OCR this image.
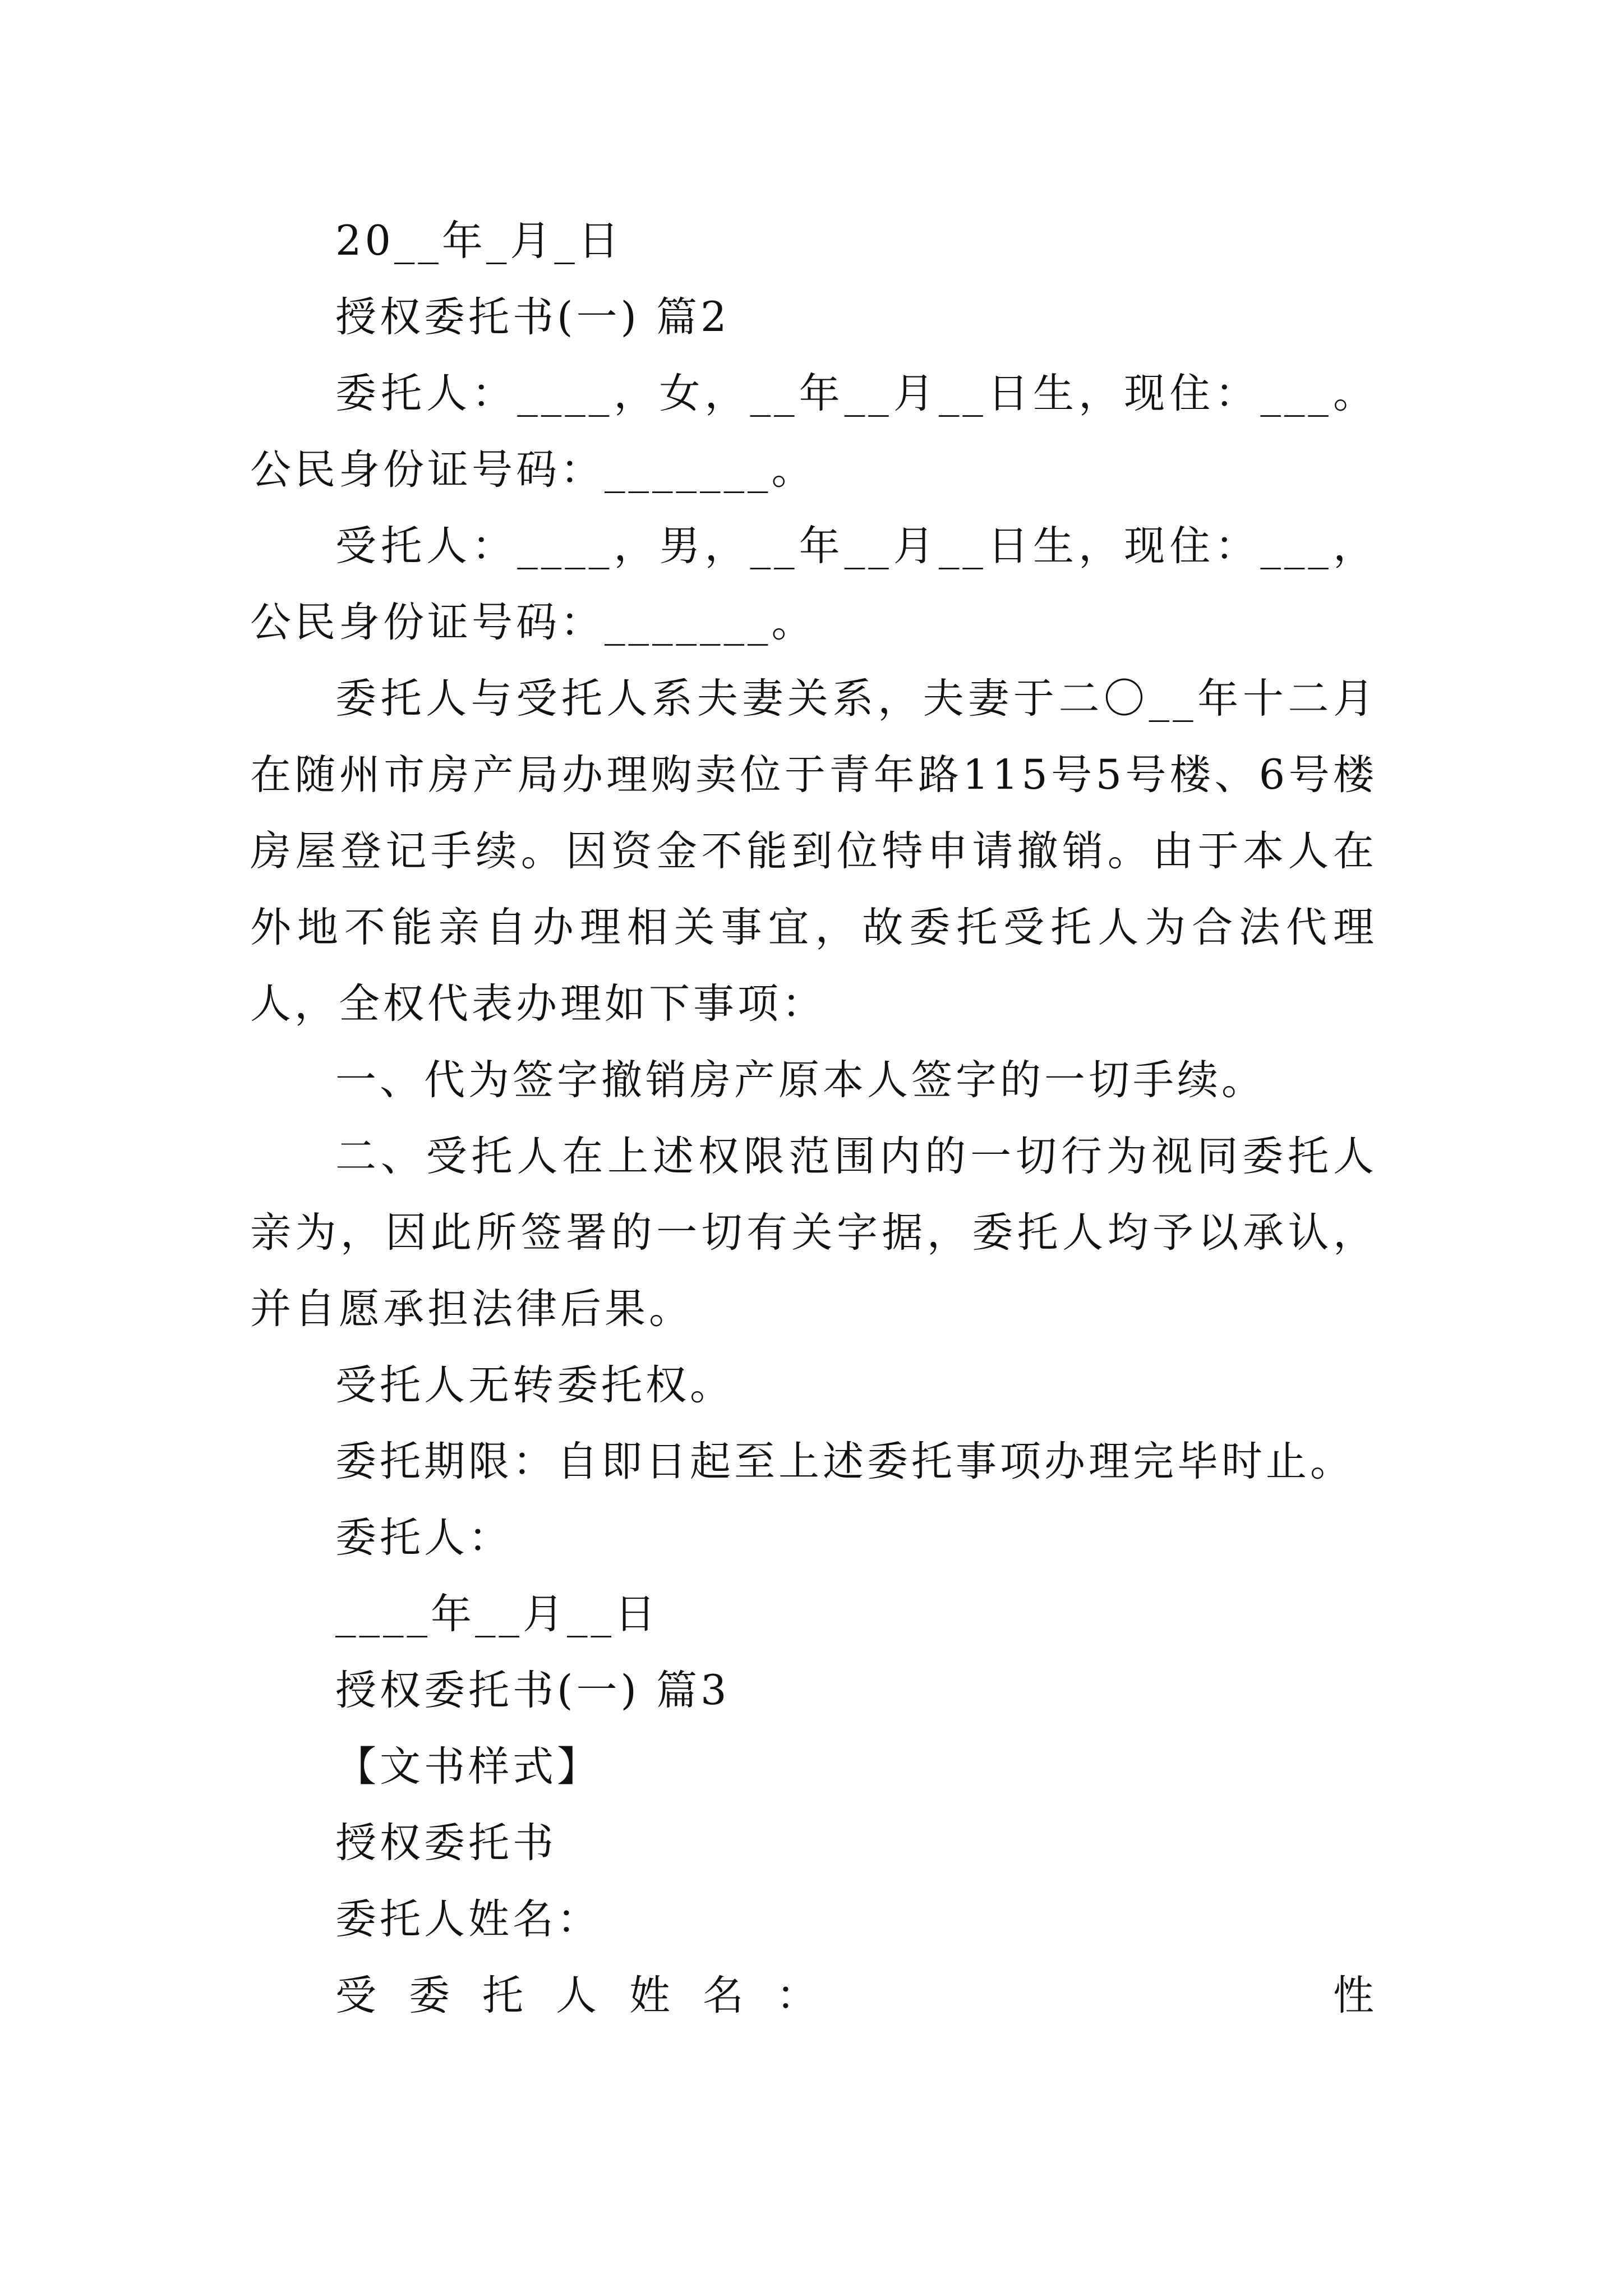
20__年_月_日

授权委托书(一) 篇2

委托人：____，女，__年__月__日生，现住：___。公民身份证号码：_______。

受托人：____，男，__年__月__日生，现住：___，公民身份证号码：_______。

委托人与受托人系夫妻关系，夫妻于二〇__年十二月在随州市房产局办理购卖位于青年路115号5号楼、6号楼房屋登记手续。因资金不能到位特申请撤销。由于本人在外地不能亲自办理相关事宜，故委托受托人为合法代理人，全权代表办理如下事项：

一、代为签字撤销房产原本人签字的一切手续。

二、受托人在上述权限范围内的一切行为视同委托人亲为，因此所签署的一切有关字据，委托人均予以承认，并自愿承担法律后果。

受托人无转委托权。

委托期限：自即日起至上述委托事项办理完毕时止。

委托人：

____年__月__日

授权委托书(一) 篇3

【文书样式】

授权委托书

委托人姓名：

受 委 托 人 姓 名 ：	性
